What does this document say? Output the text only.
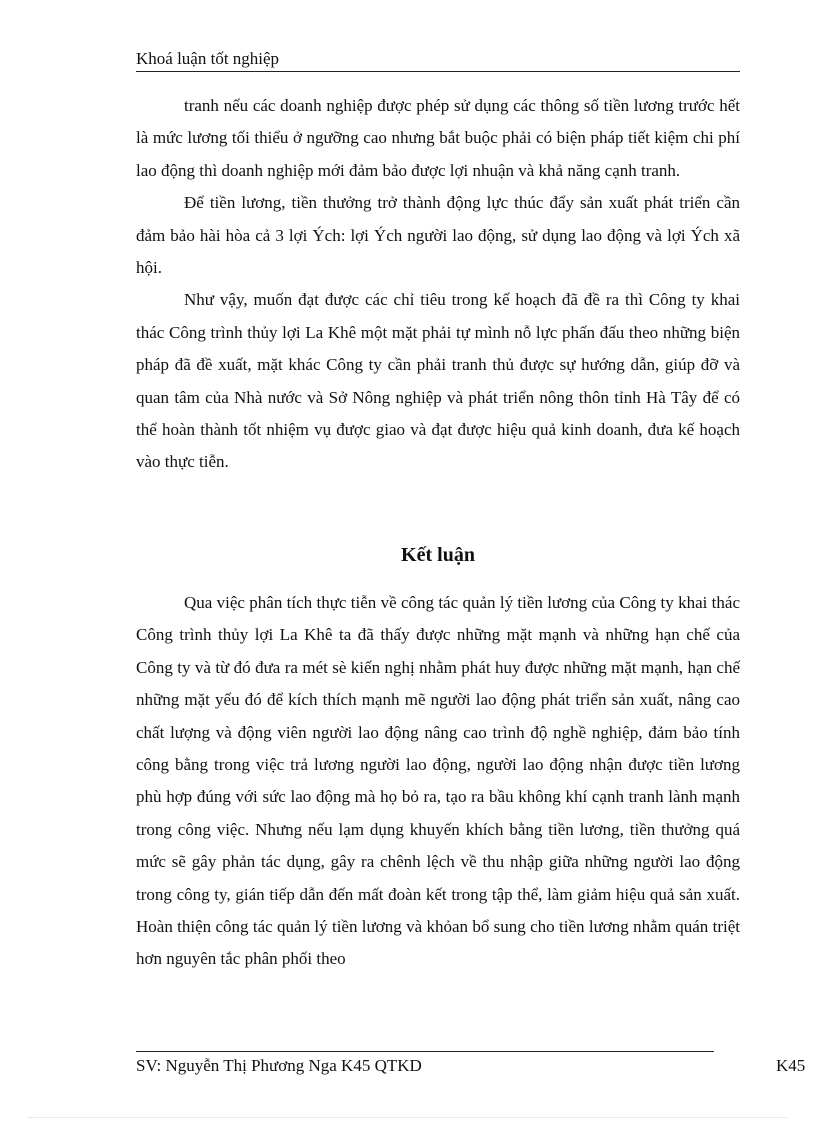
Khoá luận tốt nghiệp

tranh nếu các doanh nghiệp được phép sử dụng các thông số tiền lương trước hết là mức lương tối thiểu ở ngưỡng cao nhưng bắt buộc phải có biện pháp tiết kiệm chi phí lao động thì doanh nghiệp mới đảm bảo được lợi nhuận và khả năng cạnh tranh.

Để tiền lương, tiền thưởng trở thành động lực thúc đẩy sản xuất phát triển cần đảm bảo hài hòa cả 3 lợi Ých: lợi Ých người lao động, sử dụng lao động và lợi Ých xã hội.

Như vậy, muốn đạt được các chỉ tiêu trong kế hoạch đã đề ra thì Công ty khai thác Công trình thủy lợi La Khê một mặt phải tự mình nỗ lực phấn đấu theo những biện pháp đã đề xuất, mặt khác Công ty cần phải tranh thủ được sự hướng dẫn, giúp đỡ và quan tâm của Nhà nước và Sở Nông nghiệp và phát triển nông thôn tỉnh Hà Tây để có thể hoàn thành tốt nhiệm vụ được giao và đạt được hiệu quả kinh doanh, đưa kế hoạch vào thực tiễn.

Kết luận

Qua việc phân tích thực tiễn về công tác quản lý tiền lương của Công ty khai thác Công trình thủy lợi La Khê ta đã thấy được những mặt mạnh và những hạn chế của Công ty và từ đó đưa ra mét sè kiến nghị nhằm phát huy được những mặt mạnh, hạn chế những mặt yếu đó để kích thích mạnh mẽ người lao động phát triển sản xuất, nâng cao chất lượng và động viên người lao động nâng cao trình độ nghề nghiệp, đảm bảo tính công bằng trong việc trả lương người lao động, người lao động nhận được tiền lương phù hợp đúng với sức lao động mà họ bỏ ra, tạo ra bầu không khí cạnh tranh lành mạnh trong công việc. Nhưng nếu lạm dụng khuyến khích bằng tiền lương, tiền thưởng quá mức sẽ gây phản tác dụng, gây ra chênh lệch về thu nhập giữa những người lao động trong công ty, gián tiếp dẫn đến mất đoàn kết trong tập thể, làm giảm hiệu quả sản xuất. Hoàn thiện công tác quản lý tiền lương và khỏan bổ sung cho tiền lương nhằm quán triệt hơn nguyên tắc phân phối theo

SV: Nguyễn Thị Phương Nga K45 QTKD	K45
